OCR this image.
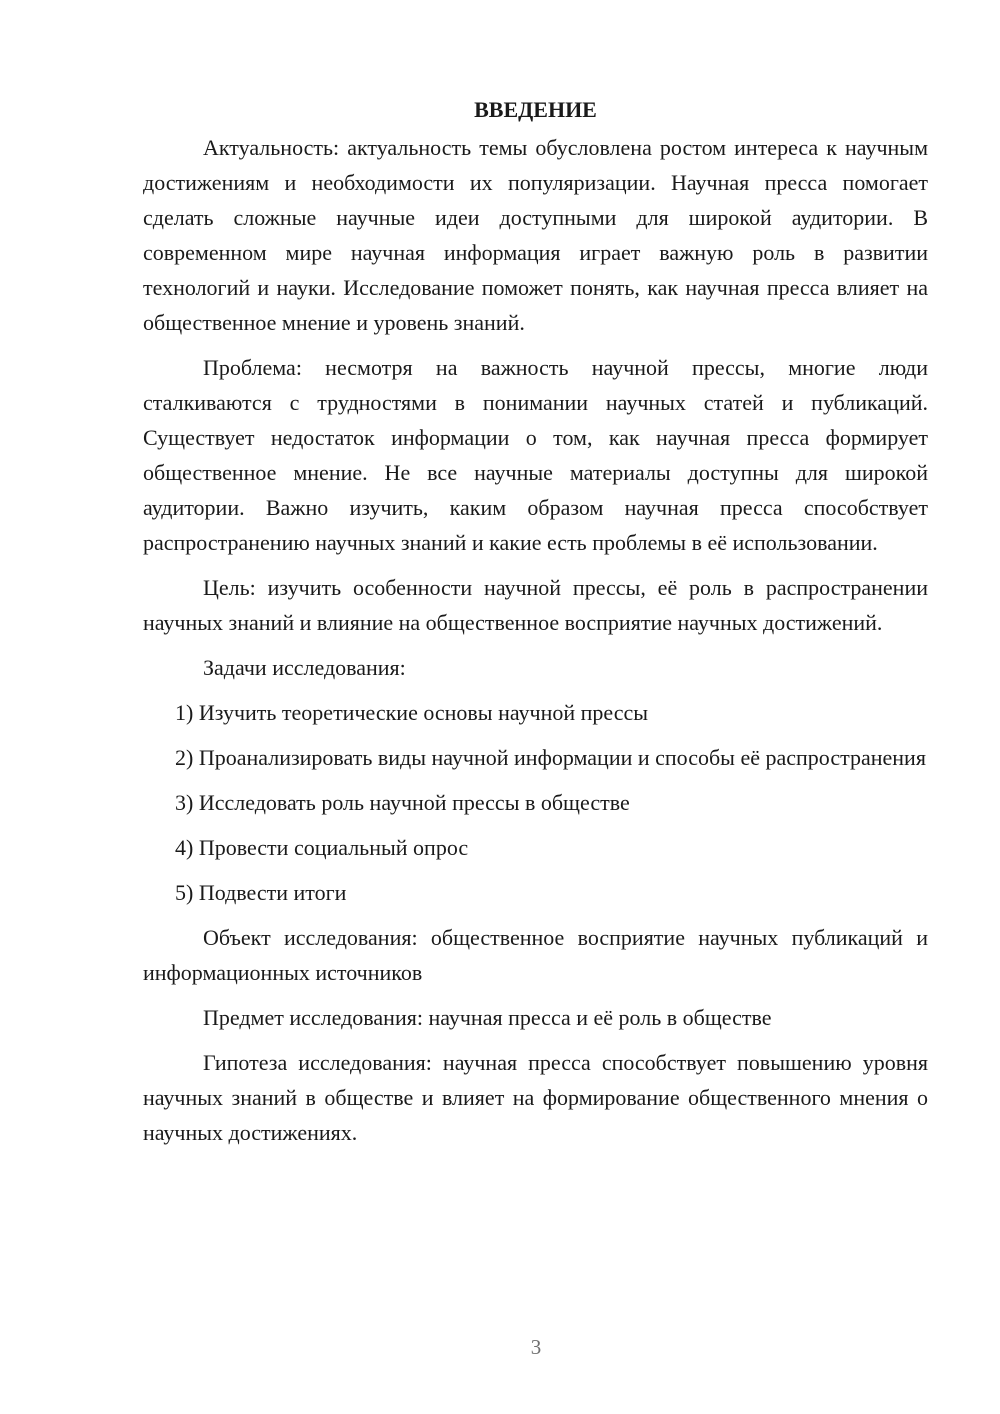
ВВЕДЕНИЕ

Актуальность: актуальность темы обусловлена ростом интереса к научным достижениям и необходимости их популяризации. Научная пресса помогает сделать сложные научные идеи доступными для широкой аудитории. В современном мире научная информация играет важную роль в развитии технологий и науки. Исследование поможет понять, как научная пресса влияет на общественное мнение и уровень знаний.

Проблема: несмотря на важность научной прессы, многие люди сталкиваются с трудностями в понимании научных статей и публикаций. Существует недостаток информации о том, как научная пресса формирует общественное мнение. Не все научные материалы доступны для широкой аудитории. Важно изучить, каким образом научная пресса способствует распространению научных знаний и какие есть проблемы в её использовании.

Цель: изучить особенности научной прессы, её роль в распространении научных знаний и влияние на общественное восприятие научных достижений.

Задачи исследования:

1) Изучить теоретические основы научной прессы

2) Проанализировать виды научной информации и способы её распространения

3) Исследовать роль научной прессы в обществе

4) Провести социальный опрос

5) Подвести итоги

Объект исследования: общественное восприятие научных публикаций и информационных источников

Предмет исследования: научная пресса и её роль в обществе

Гипотеза исследования: научная пресса способствует повышению уровня научных знаний в обществе и влияет на формирование общественного мнения о научных достижениях.

3
